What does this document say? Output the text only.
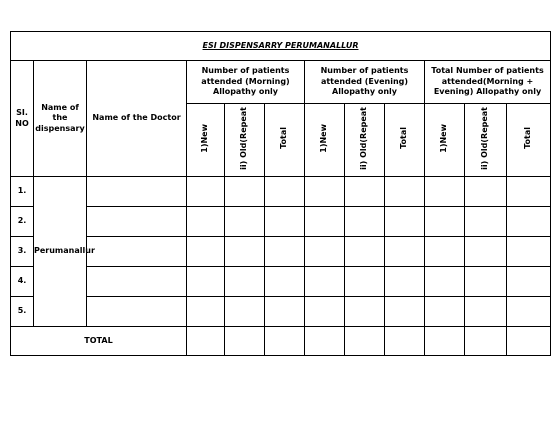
ESI DISPENSARRY PERUMANALLUR											
SI. NO	Name of the dispensary	Name of the Doctor	Number of patients attended (Morning) Allopathy only			Number of patients attended (Evening) Allopathy only			Total Number of patients attended(Morning + Evening) Allopathy only		
			1)New	ii) Old(Repeat	Total	1)New	ii) Old(Repeat	Total	1)New	ii) Old(Repeat	Total
1.	Perumanallur										
2.											
3.											
4.											
5.											
TOTAL											
